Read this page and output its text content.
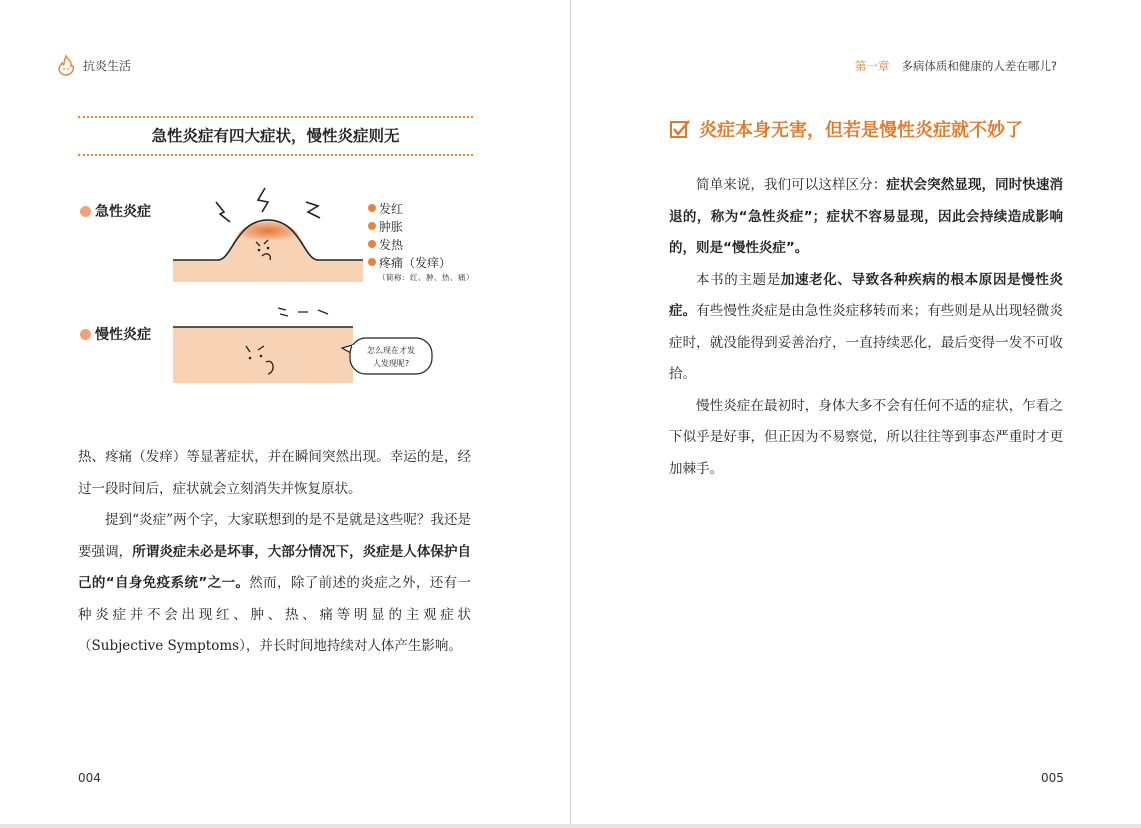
抗炎生活	第一章 多病体质和健康的人差在哪儿?
急性炎症有四大症状，慢性炎症则无
急性炎症	发红
肿胀
发热
疼痛（发痒）
（简称：红、肿、热、痛）
慢性炎症
怎么现在才发
人发现呢?

热、疼痛（发痒）等显著症状，并在瞬间突然出现。幸运的是，经过一段时间后，症状就会立刻消失并恢复原状。

提到“炎症”两个字，大家联想到的是不是就是这些呢？我还是要强调，所谓炎症未必是坏事，大部分情况下，炎症是人体保护自己的“自身免疫系统”之一。然而，除了前述的炎症之外，还有一种炎症并不会出现红、肿、热、痛等明显的主观症状（Subjective Symptoms），并长时间地持续对人体产生影响。

炎症本身无害，但若是慢性炎症就不妙了

简单来说，我们可以这样区分：症状会突然显现，同时快速消退的，称为“急性炎症”；症状不容易显现，因此会持续造成影响的，则是“慢性炎症”。

本书的主题是加速老化、导致各种疾病的根本原因是慢性炎症。有些慢性炎症是由急性炎症移转而来；有些则是从出现轻微炎症时，就没能得到妥善治疗，一直持续恶化，最后变得一发不可收拾。

慢性炎症在最初时，身体大多不会有任何不适的症状，乍看之下似乎是好事，但正因为不易察觉，所以往往等到事态严重时才更加棘手。

004	005
